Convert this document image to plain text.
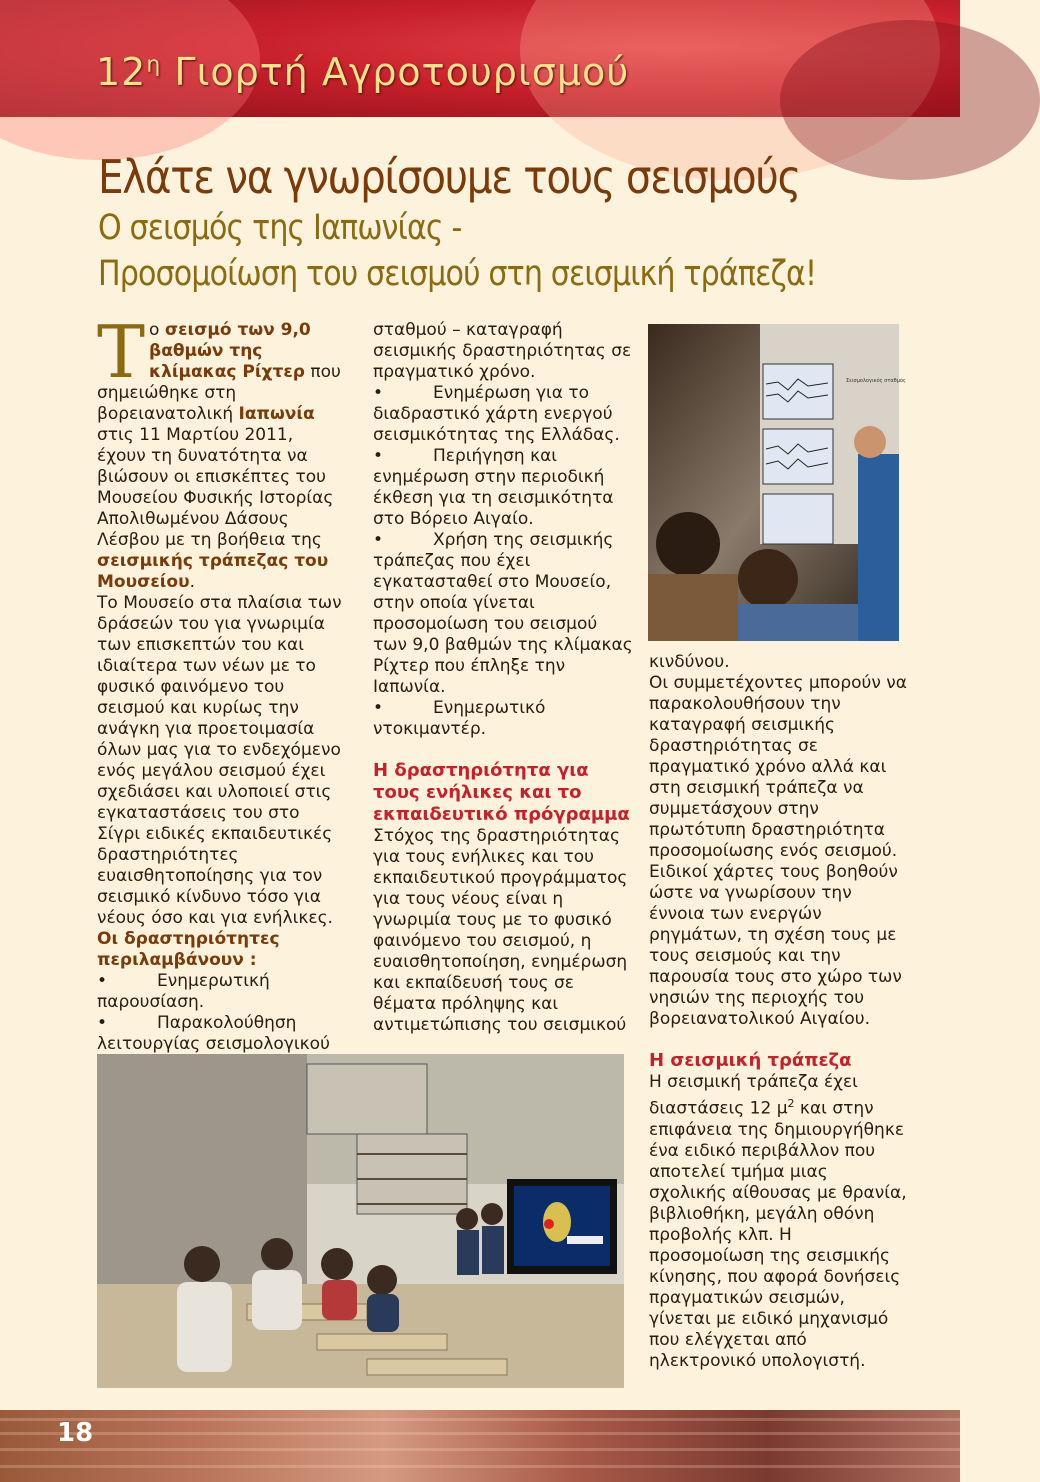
$12^\eta$ Γιορτή Αγροτουρισμού
Ελάτε να γνωρίσουμε τους σεισμούς
Ο σεισμός της Ιαπωνίας -
Προσομοίωση του σεισμού στη σεισμική τράπεζα!

Το σεισμό των 9,0 βαθμών της κλίμακας Ρίχτερ που σημειώθηκε στη βορειανατολική Ιαπωνία στις 11 Μαρτίου 2011, έχουν τη δυνατότητα να βιώσουν οι επισκέπτες του Μουσείου Φυσικής Ιστορίας Απολιθωμένου Δάσους Λέσβου με τη βοήθεια της σεισμικής τράπεζας του Μουσείου.

Το Μουσείο στα πλαίσια των δράσεών του για γνωριμία των επισκεπτών του και ιδιαίτερα των νέων με το φυσικό φαινόμενο του σεισμού και κυρίως την ανάγκη για προετοιμασία όλων μας για το ενδεχόμενο ενός μεγάλου σεισμού έχει σχεδιάσει και υλοποιεί στις εγκαταστάσεις του στο Σίγρι ειδικές εκπαιδευτικές δραστηριότητες ευαισθητοποίησης για τον σεισμικό κίνδυνο τόσο για νέους όσο και για ενήλικες.

Οι δραστηριότητες περιλαμβάνουν :

•	Ενημερωτική παρουσίαση.

•	Παρακολούθηση λειτουργίας σεισμολογικού

σταθμού – καταγραφή σεισμικής δραστηριότητας σε πραγματικό χρόνο.

•	Ενημέρωση για το διαδραστικό χάρτη ενεργού σεισμικότητας της Ελλάδας.

•	Περιήγηση και ενημέρωση στην περιοδική έκθεση για τη σεισμικότητα στο Βόρειο Αιγαίο.

•	Χρήση της σεισμικής τράπεζας που έχει εγκατασταθεί στο Μουσείο, στην οποία γίνεται προσομοίωση του σεισμού των 9,0 βαθμών της κλίμακας Ρίχτερ που έπληξε την Ιαπωνία.

•	Ενημερωτικό ντοκιμαντέρ.

Η δραστηριότητα για τους ενήλικες και το εκπαιδευτικό πρόγραμμα

Στόχος της δραστηριότητας για τους ενήλικες και του εκπαιδευτικού προγράμματος για τους νέους είναι η γνωριμία τους με το φυσικό φαινόμενο του σεισμού, η ευαισθητοποίηση, ενημέρωση και εκπαίδευσή τους σε θέματα πρόληψης και αντιμετώπισης του σεισμικού

κινδύνου.

Οι συμμετέχοντες μπορούν να παρακολουθήσουν την καταγραφή σεισμικής δραστηριότητας σε πραγματικό χρόνο αλλά και στη σεισμική τράπεζα να συμμετάσχουν στην πρωτότυπη δραστηριότητα προσομοίωσης ενός σεισμού. Ειδικοί χάρτες τους βοηθούν ώστε να γνωρίσουν την έννοια των ενεργών ρηγμάτων, τη σχέση τους με τους σεισμούς και την παρουσία τους στο χώρο των νησιών της περιοχής του βορειανατολικού Αιγαίου.

Η σεισμική τράπεζα

Η σεισμική τράπεζα έχει διαστάσεις 12 $\mu^2$ και στην επιφάνεια της δημιουργήθηκε ένα ειδικό περιβάλλον που αποτελεί τμήμα μιας σχολικής αίθουσας με θρανία, βιβλιοθήκη, μεγάλη οθόνη προβολής κλπ. Η προσομοίωση της σεισμικής κίνησης, που αφορά δονήσεις πραγματικών σεισμών, γίνεται με ειδικό μηχανισμό που ελέγχεται από ηλεκτρονικό υπολογιστή.

Σεισμολογικός σταθμός
18
